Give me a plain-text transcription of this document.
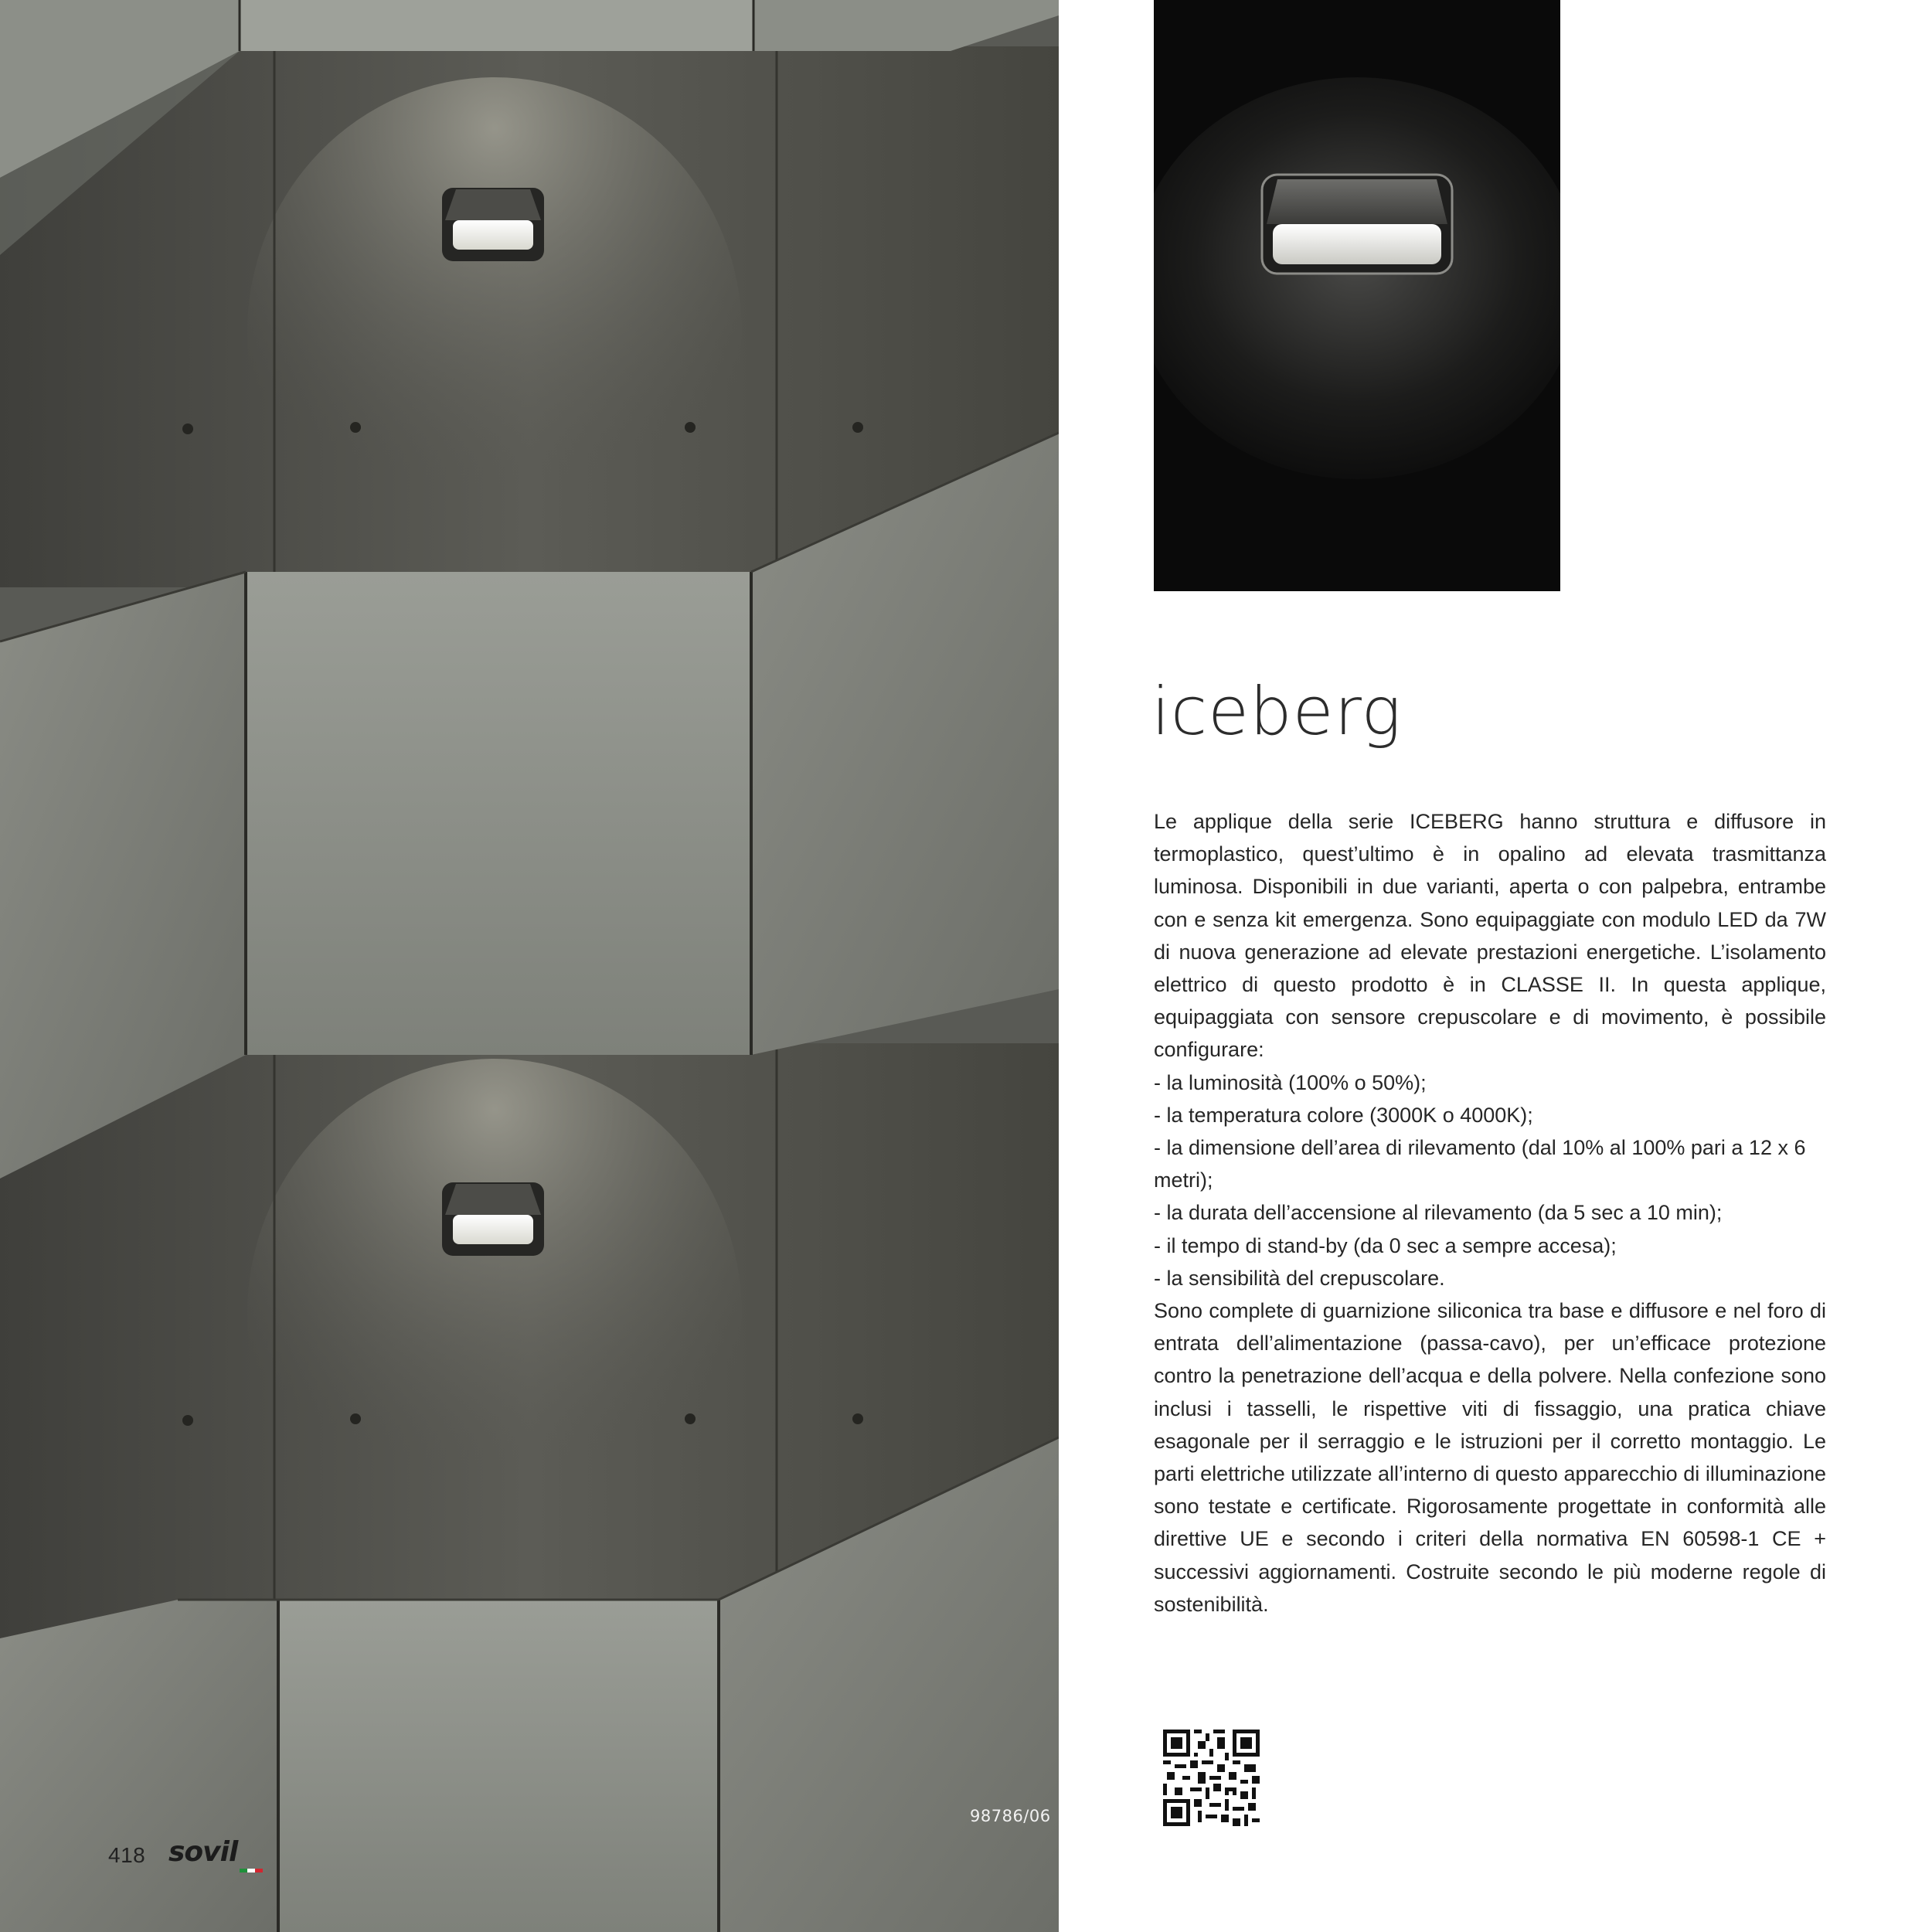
418 sovil
98786/06
iceberg

Le applique della serie ICEBERG hanno struttura e diffusore in termoplastico, quest’ultimo è in opalino ad elevata trasmittanza luminosa. Disponibili in due varianti, aperta o con palpebra, entrambe con e senza kit emergenza. Sono equipaggiate con modulo LED da 7W di nuova generazione ad elevate prestazioni energetiche. L’isolamento elettrico di questo prodotto è in CLASSE II. In questa applique, equipaggiata con sensore crepuscolare e di movimento, è possibile configurare:

- la luminosità (100% o 50%);
- la temperatura colore (3000K o 4000K);
- la dimensione dell’area di rilevamento (dal 10% al 100% pari a 12 x 6 metri);
- la durata dell’accensione al rilevamento (da 5 sec a 10 min);
- il tempo di stand-by (da 0 sec a sempre accesa);
- la sensibilità del crepuscolare.

Sono complete di guarnizione siliconica tra base e diffusore e nel foro di entrata dell’alimentazione (passa-cavo), per un’efficace protezione contro la penetrazione dell’acqua e della polvere. Nella confezione sono inclusi i tasselli, le rispettive viti di fissaggio, una pratica chiave esagonale per il serraggio e le istruzioni per il corretto montaggio. Le parti elettriche utilizzate all’interno di questo apparecchio di illuminazione sono testate e certificate. Rigorosamente progettate in conformità alle direttive UE e secondo i criteri della normativa EN 60598-1 CE + successivi aggiornamenti. Costruite secondo le più moderne regole di sostenibilità.
